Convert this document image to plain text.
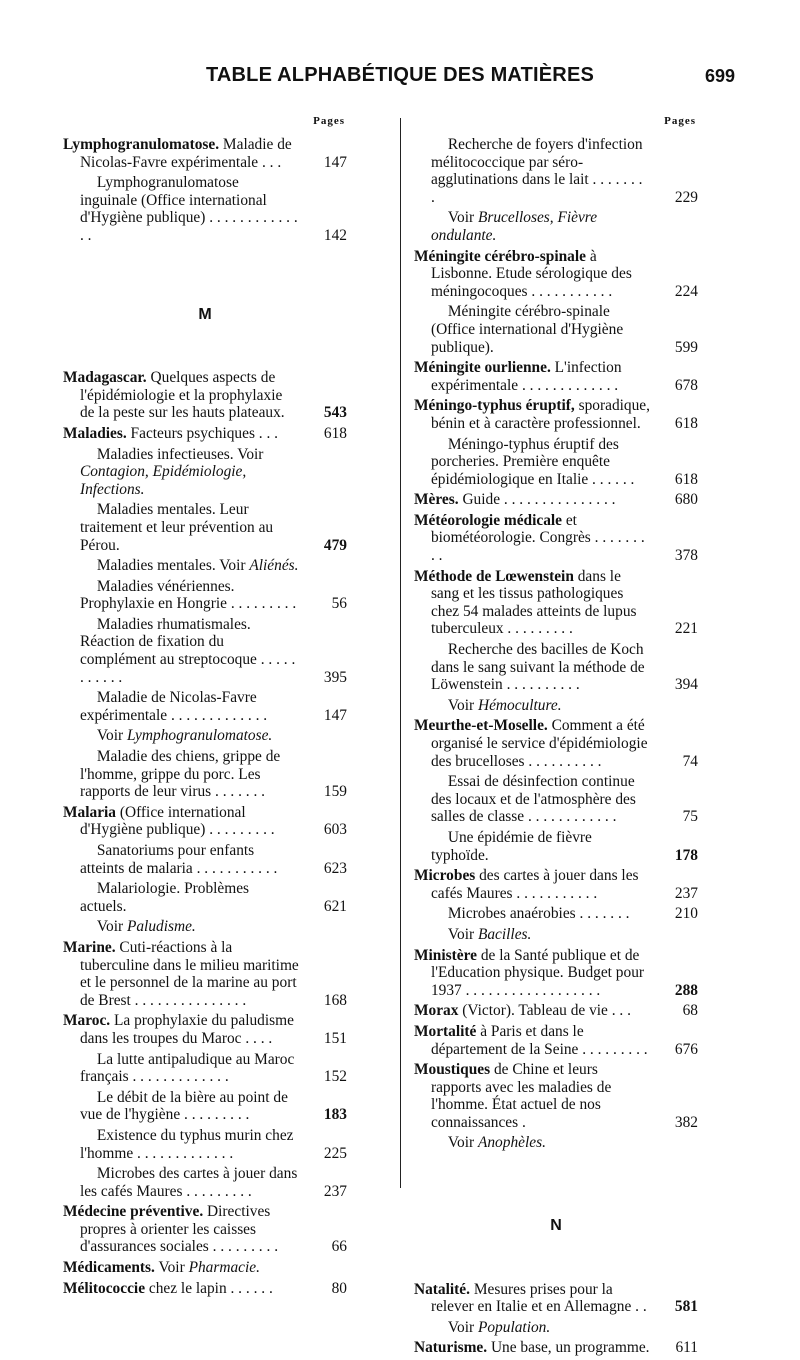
TABLE ALPHABÉTIQUE DES MATIÈRES	699
Pages
Lymphogranulomatose. Maladie de Nicolas-Favre expérimentale . . .	147
Lymphogranulomatose inguinale (Office international d'Hygiène publique) . . . . . . . . . . . . . .	142
M
Madagascar. Quelques aspects de l'épidémiologie et la prophylaxie de la peste sur les hauts plateaux.	543
Maladies. Facteurs psychiques . . .	618
Maladies infectieuses. Voir Contagion, Epidémiologie, Infections.
Maladies mentales. Leur traitement et leur prévention au Pérou.	479
Maladies mentales. Voir Aliénés.
Maladies vénériennes. Prophylaxie en Hongrie . . . . . . . . . 56
Maladies rhumatismales. Réaction de fixation du complément au streptocoque . . . . . . . . . . .	395
Maladie de Nicolas-Favre expérimentale . . . . . . . . . . . . .	147
Voir Lymphogranulomatose.
Maladie des chiens, grippe de l'homme, grippe du porc. Les rapports de leur virus . . . . . . .	159
Malaria (Office international d'Hygiène publique) . . . . . . . . .	603
Sanatoriums pour enfants atteints de malaria . . . . . . . . . . .	623
Malariologie. Problèmes actuels.	621
Voir Paludisme.
Marine. Cuti-réactions à la tuberculine dans le milieu maritime et le personnel de la marine au port de Brest . . . . . . . . . . . . . . .	168
Maroc. La prophylaxie du paludisme dans les troupes du Maroc . . . .	151
La lutte antipaludique au Maroc français . . . . . . . . . . . . .	152
Le débit de la bière au point de vue de l'hygiène . . . . . . . . .	183
Existence du typhus murin chez l'homme . . . . . . . . . . . . .	225
Microbes des cartes à jouer dans les cafés Maures . . . . . . . . .	237
Médecine préventive. Directives propres à orienter les caisses d'assurances sociales . . . . . . . . .	66
Médicaments. Voir Pharmacie.
Mélitococcie chez le lapin . . . . . .	80
Pages
Recherche de foyers d'infection mélitococcique par séro-agglutinations dans le lait . . . . . . . .	229
Voir Brucelloses, Fièvre ondulante.
Méningite cérébro-spinale à Lisbonne. Etude sérologique des méningocoques . . . . . . . . . . .	224
Méningite cérébro-spinale (Office international d'Hygiène publique).	599
Méningite ourlienne. L'infection expérimentale . . . . . . . . . . . . .	678
Méningo-typhus éruptif, sporadique, bénin et à caractère professionnel. 618
Méningo-typhus éruptif des porcheries. Première enquête épidémiologique en Italie . . . . . .	618
Mères. Guide . . . . . . . . . . . . . . .	680
Météorologie médicale et biométéorologie. Congrès . . . . . . . . .	378
Méthode de Lœwenstein dans le sang et les tissus pathologiques chez 54 malades atteints de lupus tuberculeux . . . . . . . . .	221
Recherche des bacilles de Koch dans le sang suivant la méthode de Löwenstein . . . . . . . . . .	394
Voir Hémoculture.
Meurthe-et-Moselle. Comment a été organisé le service d'épidémiologie des brucelloses . . . . . . . . . .	74
Essai de désinfection continue des locaux et de l'atmosphère des salles de classe . . . . . . . . . . . .	75
Une épidémie de fièvre typhoïde.	178
Microbes des cartes à jouer dans les cafés Maures . . . . . . . . . . .	237
Microbes anaérobies . . . . . . .	210
Voir Bacilles.
Ministère de la Santé publique et de l'Education physique. Budget pour 1937 . . . . . . . . . . . . . . . . . .	288
Morax (Victor). Tableau de vie . . .	68
Mortalité à Paris et dans le département de la Seine . . . . . . . . . 676
Moustiques de Chine et leurs rapports avec les maladies de l'homme. État actuel de nos connaissances .	382
Voir Anophèles.
N
Natalité. Mesures prises pour la relever en Italie et en Allemagne . . 581
Voir Population.
Naturisme. Une base, un programme. 611
